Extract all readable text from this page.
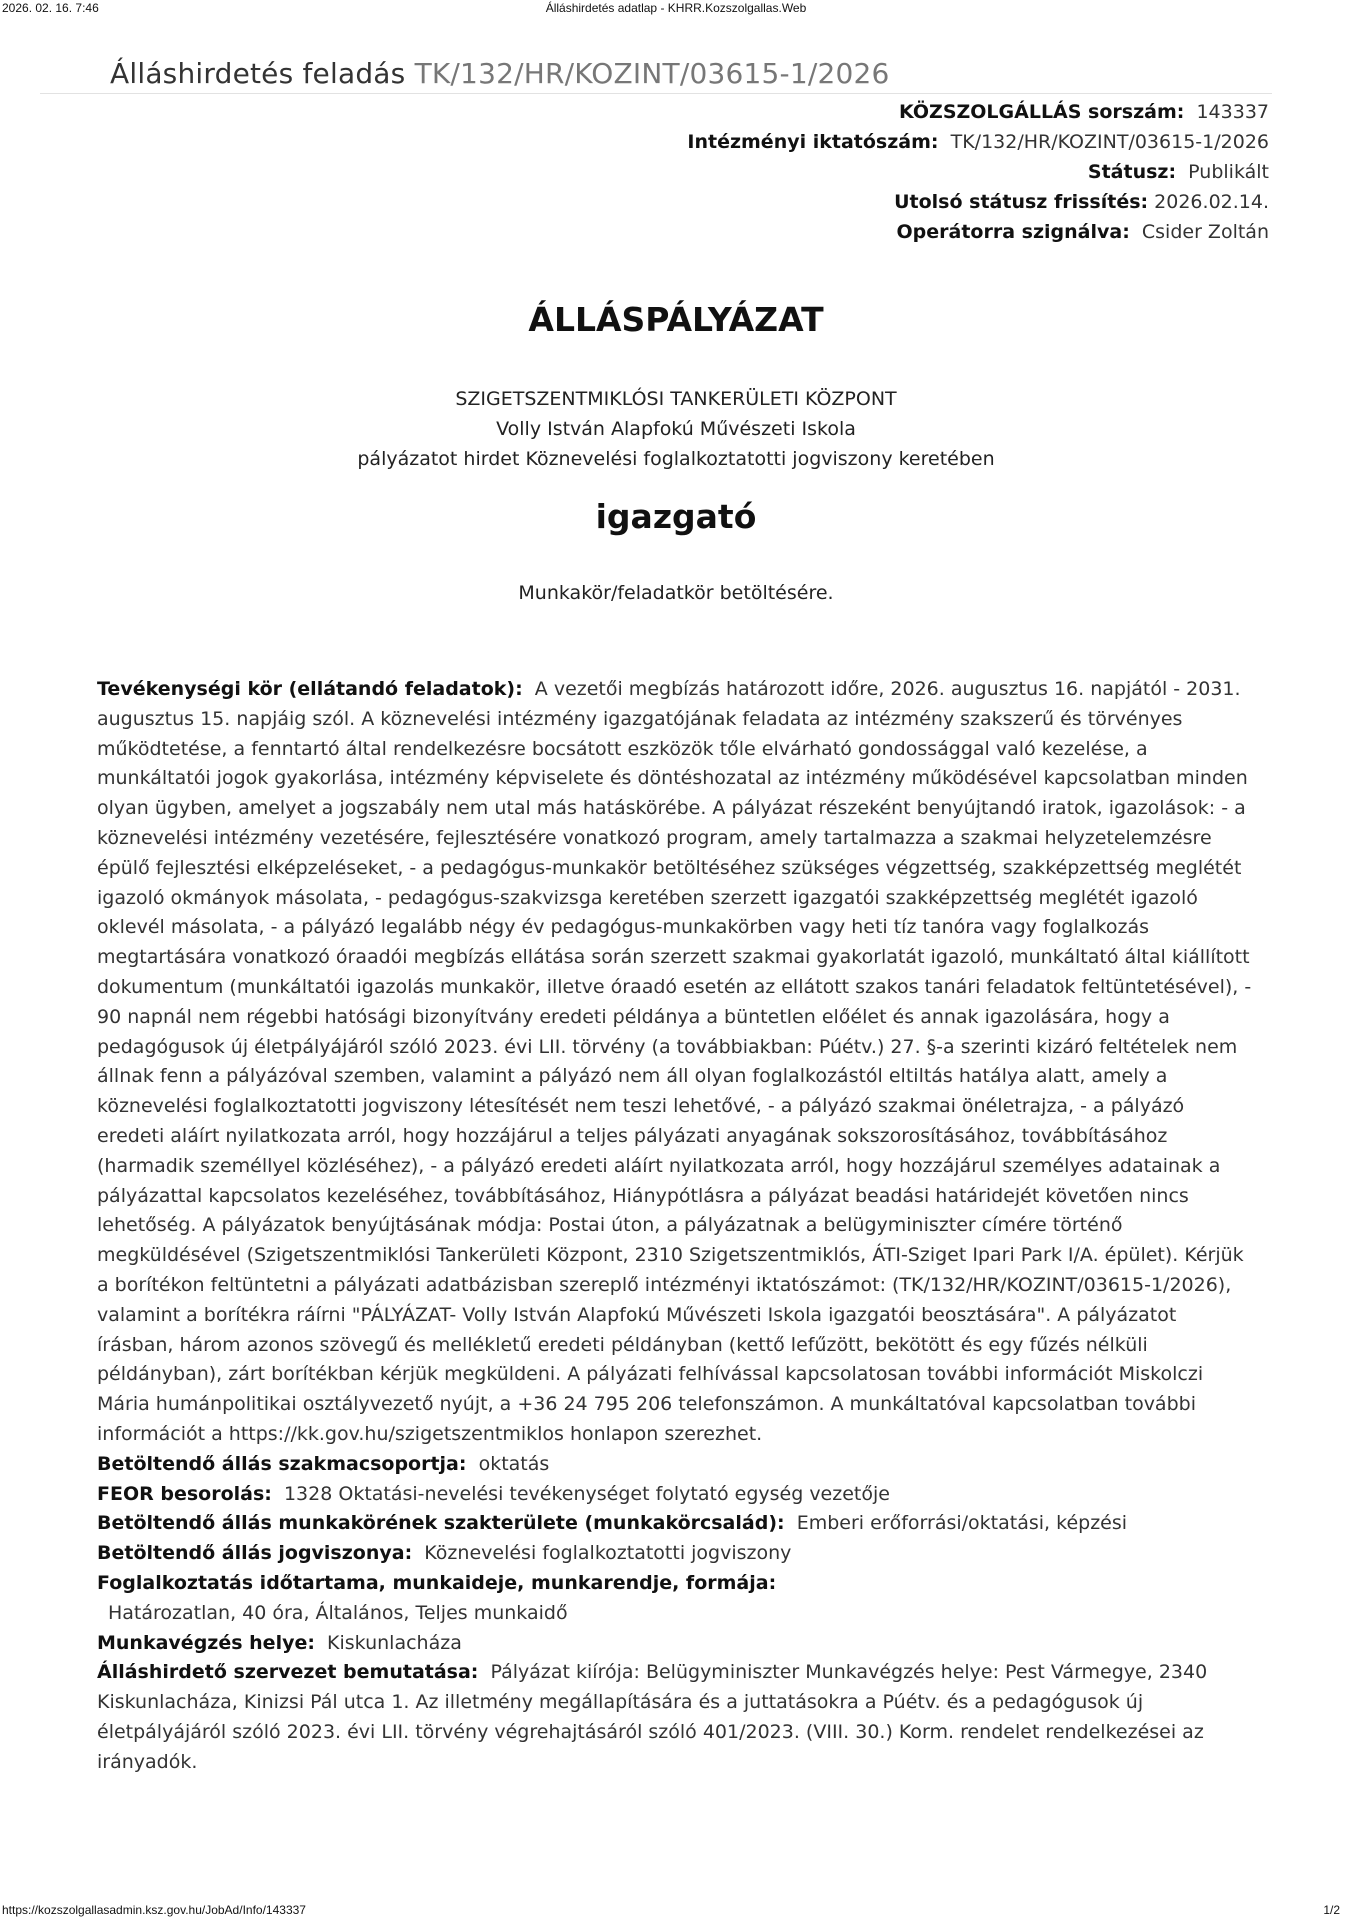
2026. 02. 16. 7:46	Álláshirdetés adatlap - KHRR.Kozszolgallas.Web
Álláshirdetés feladás TK/132/HR/KOZINT/03615-1/2026
KÖZSZOLGÁLLÁS sorszám: 143337
Intézményi iktatószám: TK/132/HR/KOZINT/03615-1/2026
Státusz: Publikált
Utolsó státusz frissítés: 2026.02.14.
Operátorra szignálva: Csider Zoltán
ÁLLÁSPÁLYÁZAT
SZIGETSZENTMIKLÓSI TANKERÜLETI KÖZPONT
Volly István Alapfokú Művészeti Iskola
pályázatot hirdet Köznevelési foglalkoztatotti jogviszony keretében
igazgató
Munkakör/feladatkör betöltésére.

Tevékenységi kör (ellátandó feladatok): A vezetői megbízás határozott időre, 2026. augusztus 16. napjától - 2031. augusztus 15. napjáig szól. A köznevelési intézmény igazgatójának feladata az intézmény szakszerű és törvényes működtetése, a fenntartó által rendelkezésre bocsátott eszközök tőle elvárható gondossággal való kezelése, a munkáltatói jogok gyakorlása, intézmény képviselete és döntéshozatal az intézmény működésével kapcsolatban minden olyan ügyben, amelyet a jogszabály nem utal más hatáskörébe. A pályázat részeként benyújtandó iratok, igazolások: - a köznevelési intézmény vezetésére, fejlesztésére vonatkozó program, amely tartalmazza a szakmai helyzetelemzésre épülő fejlesztési elképzeléseket, - a pedagógus-munkakör betöltéséhez szükséges végzettség, szakképzettség meglétét igazoló okmányok másolata, - pedagógus-szakvizsga keretében szerzett igazgatói szakképzettség meglétét igazoló oklevél másolata, - a pályázó legalább négy év pedagógus-munkakörben vagy heti tíz tanóra vagy foglalkozás megtartására vonatkozó óraadói megbízás ellátása során szerzett szakmai gyakorlatát igazoló, munkáltató által kiállított dokumentum (munkáltatói igazolás munkakör, illetve óraadó esetén az ellátott szakos tanári feladatok feltüntetésével), - 90 napnál nem régebbi hatósági bizonyítvány eredeti példánya a büntetlen előélet és annak igazolására, hogy a pedagógusok új életpályájáról szóló 2023. évi LII. törvény (a továbbiakban: Púétv.) 27. §-a szerinti kizáró feltételek nem állnak fenn a pályázóval szemben, valamint a pályázó nem áll olyan foglalkozástól eltiltás hatálya alatt, amely a köznevelési foglalkoztatotti jogviszony létesítését nem teszi lehetővé, - a pályázó szakmai önéletrajza, - a pályázó eredeti aláírt nyilatkozata arról, hogy hozzájárul a teljes pályázati anyagának sokszorosításához, továbbításához (harmadik személlyel közléséhez), - a pályázó eredeti aláírt nyilatkozata arról, hogy hozzájárul személyes adatainak a pályázattal kapcsolatos kezeléséhez, továbbításához, Hiánypótlásra a pályázat beadási határidejét követően nincs lehetőség. A pályázatok benyújtásának módja: Postai úton, a pályázatnak a belügyminiszter címére történő megküldésével (Szigetszentmiklósi Tankerületi Központ, 2310 Szigetszentmiklós, ÁTI-Sziget Ipari Park I/A. épület). Kérjük a borítékon feltüntetni a pályázati adatbázisban szereplő intézményi iktatószámot: (TK/132/HR/KOZINT/03615-1/2026), valamint a borítékra ráírni "PÁLYÁZAT- Volly István Alapfokú Művészeti Iskola igazgatói beosztására". A pályázatot írásban, három azonos szövegű és mellékletű eredeti példányban (kettő lefűzött, bekötött és egy fűzés nélküli példányban), zárt borítékban kérjük megküldeni. A pályázati felhívással kapcsolatosan további információt Miskolczi Mária humánpolitikai osztályvezető nyújt, a +36 24 795 206 telefonszámon. A munkáltatóval kapcsolatban további információt a https://kk.gov.hu/szigetszentmiklos honlapon szerezhet.

Betöltendő állás szakmacsoportja: oktatás

FEOR besorolás: 1328 Oktatási-nevelési tevékenységet folytató egység vezetője

Betöltendő állás munkakörének szakterülete (munkakörcsalád): Emberi erőforrási/oktatási, képzési

Betöltendő állás jogviszonya: Köznevelési foglalkoztatotti jogviszony

Foglalkoztatás időtartama, munkaideje, munkarendje, formája:

Határozatlan, 40 óra, Általános, Teljes munkaidő

Munkavégzés helye: Kiskunlacháza

Álláshirdető szervezet bemutatása: Pályázat kiírója: Belügyminiszter Munkavégzés helye: Pest Vármegye, 2340 Kiskunlacháza, Kinizsi Pál utca 1. Az illetmény megállapítására és a juttatásokra a Púétv. és a pedagógusok új életpályájáról szóló 2023. évi LII. törvény végrehajtásáról szóló 401/2023. (VIII. 30.) Korm. rendelet rendelkezései az irányadók.

https://kozszolgallasadmin.ksz.gov.hu/JobAd/Info/143337	1/2
